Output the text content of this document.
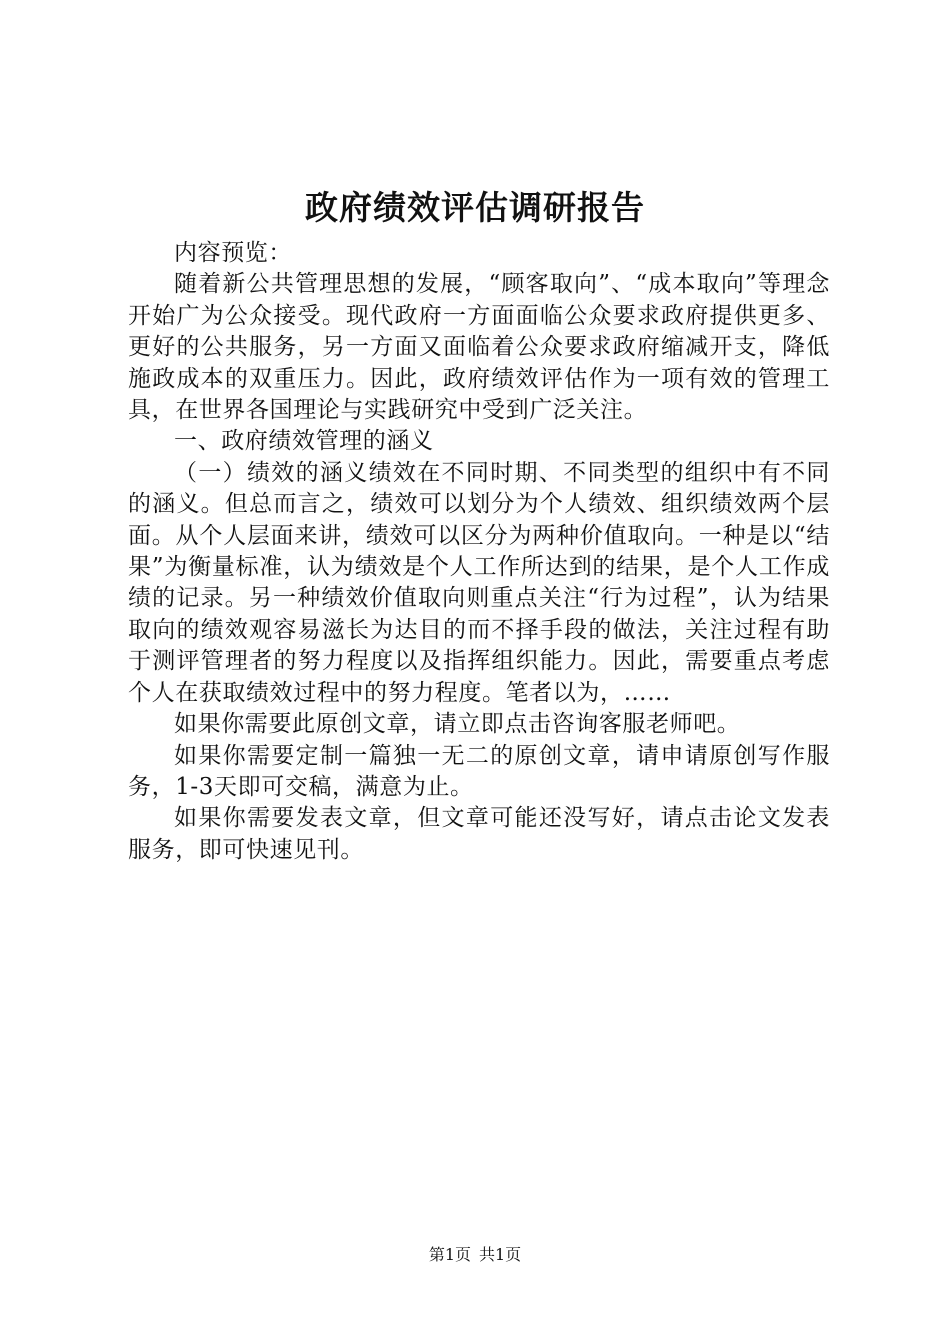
政府绩效评估调研报告

内容预览：

随着新公共管理思想的发展，“顾客取向”、“成本取向”等理念开始广为公众接受。现代政府一方面面临公众要求政府提供更多、更好的公共服务，另一方面又面临着公众要求政府缩减开支，降低施政成本的双重压力。因此，政府绩效评估作为一项有效的管理工具，在世界各国理论与实践研究中受到广泛关注。

一、政府绩效管理的涵义

（一）绩效的涵义绩效在不同时期、不同类型的组织中有不同的涵义。但总而言之，绩效可以划分为个人绩效、组织绩效两个层面。从个人层面来讲，绩效可以区分为两种价值取向。一种是以“结果”为衡量标准，认为绩效是个人工作所达到的结果，是个人工作成绩的记录。另一种绩效价值取向则重点关注“行为过程”，认为结果取向的绩效观容易滋长为达目的而不择手段的做法，关注过程有助于测评管理者的努力程度以及指挥组织能力。因此，需要重点考虑个人在获取绩效过程中的努力程度。笔者以为，……

如果你需要此原创文章，请立即点击咨询客服老师吧。

如果你需要定制一篇独一无二的原创文章，请申请原创写作服务，1-3天即可交稿，满意为止。

如果你需要发表文章，但文章可能还没写好，请点击论文发表服务，即可快速见刊。

第1页 共1页
